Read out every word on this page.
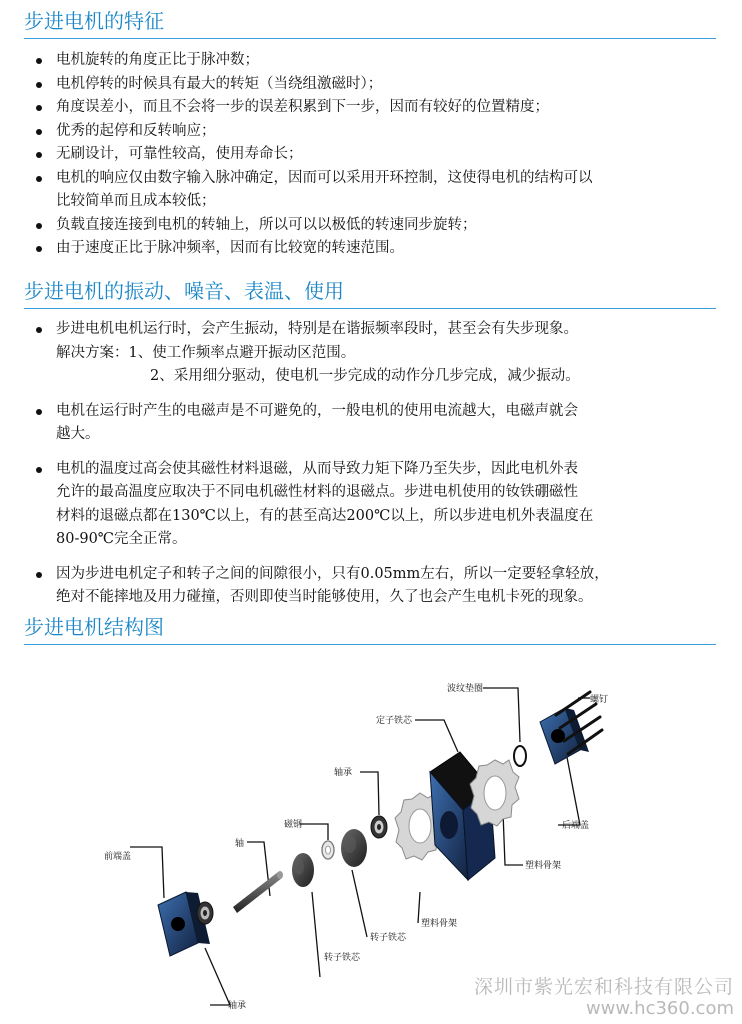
步进电机的特征
电机旋转的角度正比于脉冲数；
电机停转的时候具有最大的转矩（当绕组激磁时）；
角度误差小，而且不会将一步的误差积累到下一步，因而有较好的位置精度；
优秀的起停和反转响应；
无刷设计，可靠性较高，使用寿命长；
电机的响应仅由数字输入脉冲确定，因而可以采用开环控制，这使得电机的结构可以
比较简单而且成本较低；
负载直接连接到电机的转轴上，所以可以以极低的转速同步旋转；
由于速度正比于脉冲频率，因而有比较宽的转速范围。
步进电机的振动、噪音、表温、使用
步进电机电机运行时，会产生振动，特别是在谐振频率段时，甚至会有失步现象。
解决方案：1、使工作频率点避开振动区范围。
2、采用细分驱动，使电机一步完成的动作分几步完成，减少振动。
电机在运行时产生的电磁声是不可避免的，一般电机的使用电流越大，电磁声就会
越大。
电机的温度过高会使其磁性材料退磁，从而导致力矩下降乃至失步，因此电机外表
允许的最高温度应取决于不同电机磁性材料的退磁点。步进电机使用的钕铁硼磁性
材料的退磁点都在130℃以上，有的甚至高达200℃以上，所以步进电机外表温度在
80-90℃完全正常。
因为步进电机定子和转子之间的间隙很小，只有0.05mm左右，所以一定要轻拿轻放，
绝对不能摔地及用力碰撞，否则即使当时能够使用，久了也会产生电机卡死的现象。
步进电机结构图
螺钉
波纹垫圈
定子铁芯
轴承
磁钢
轴
前端盖
后端盖
塑料骨架
塑料骨架
转子铁芯
转子铁芯
轴承
深圳市紫光宏和科技有限公司
www.hc360.com
